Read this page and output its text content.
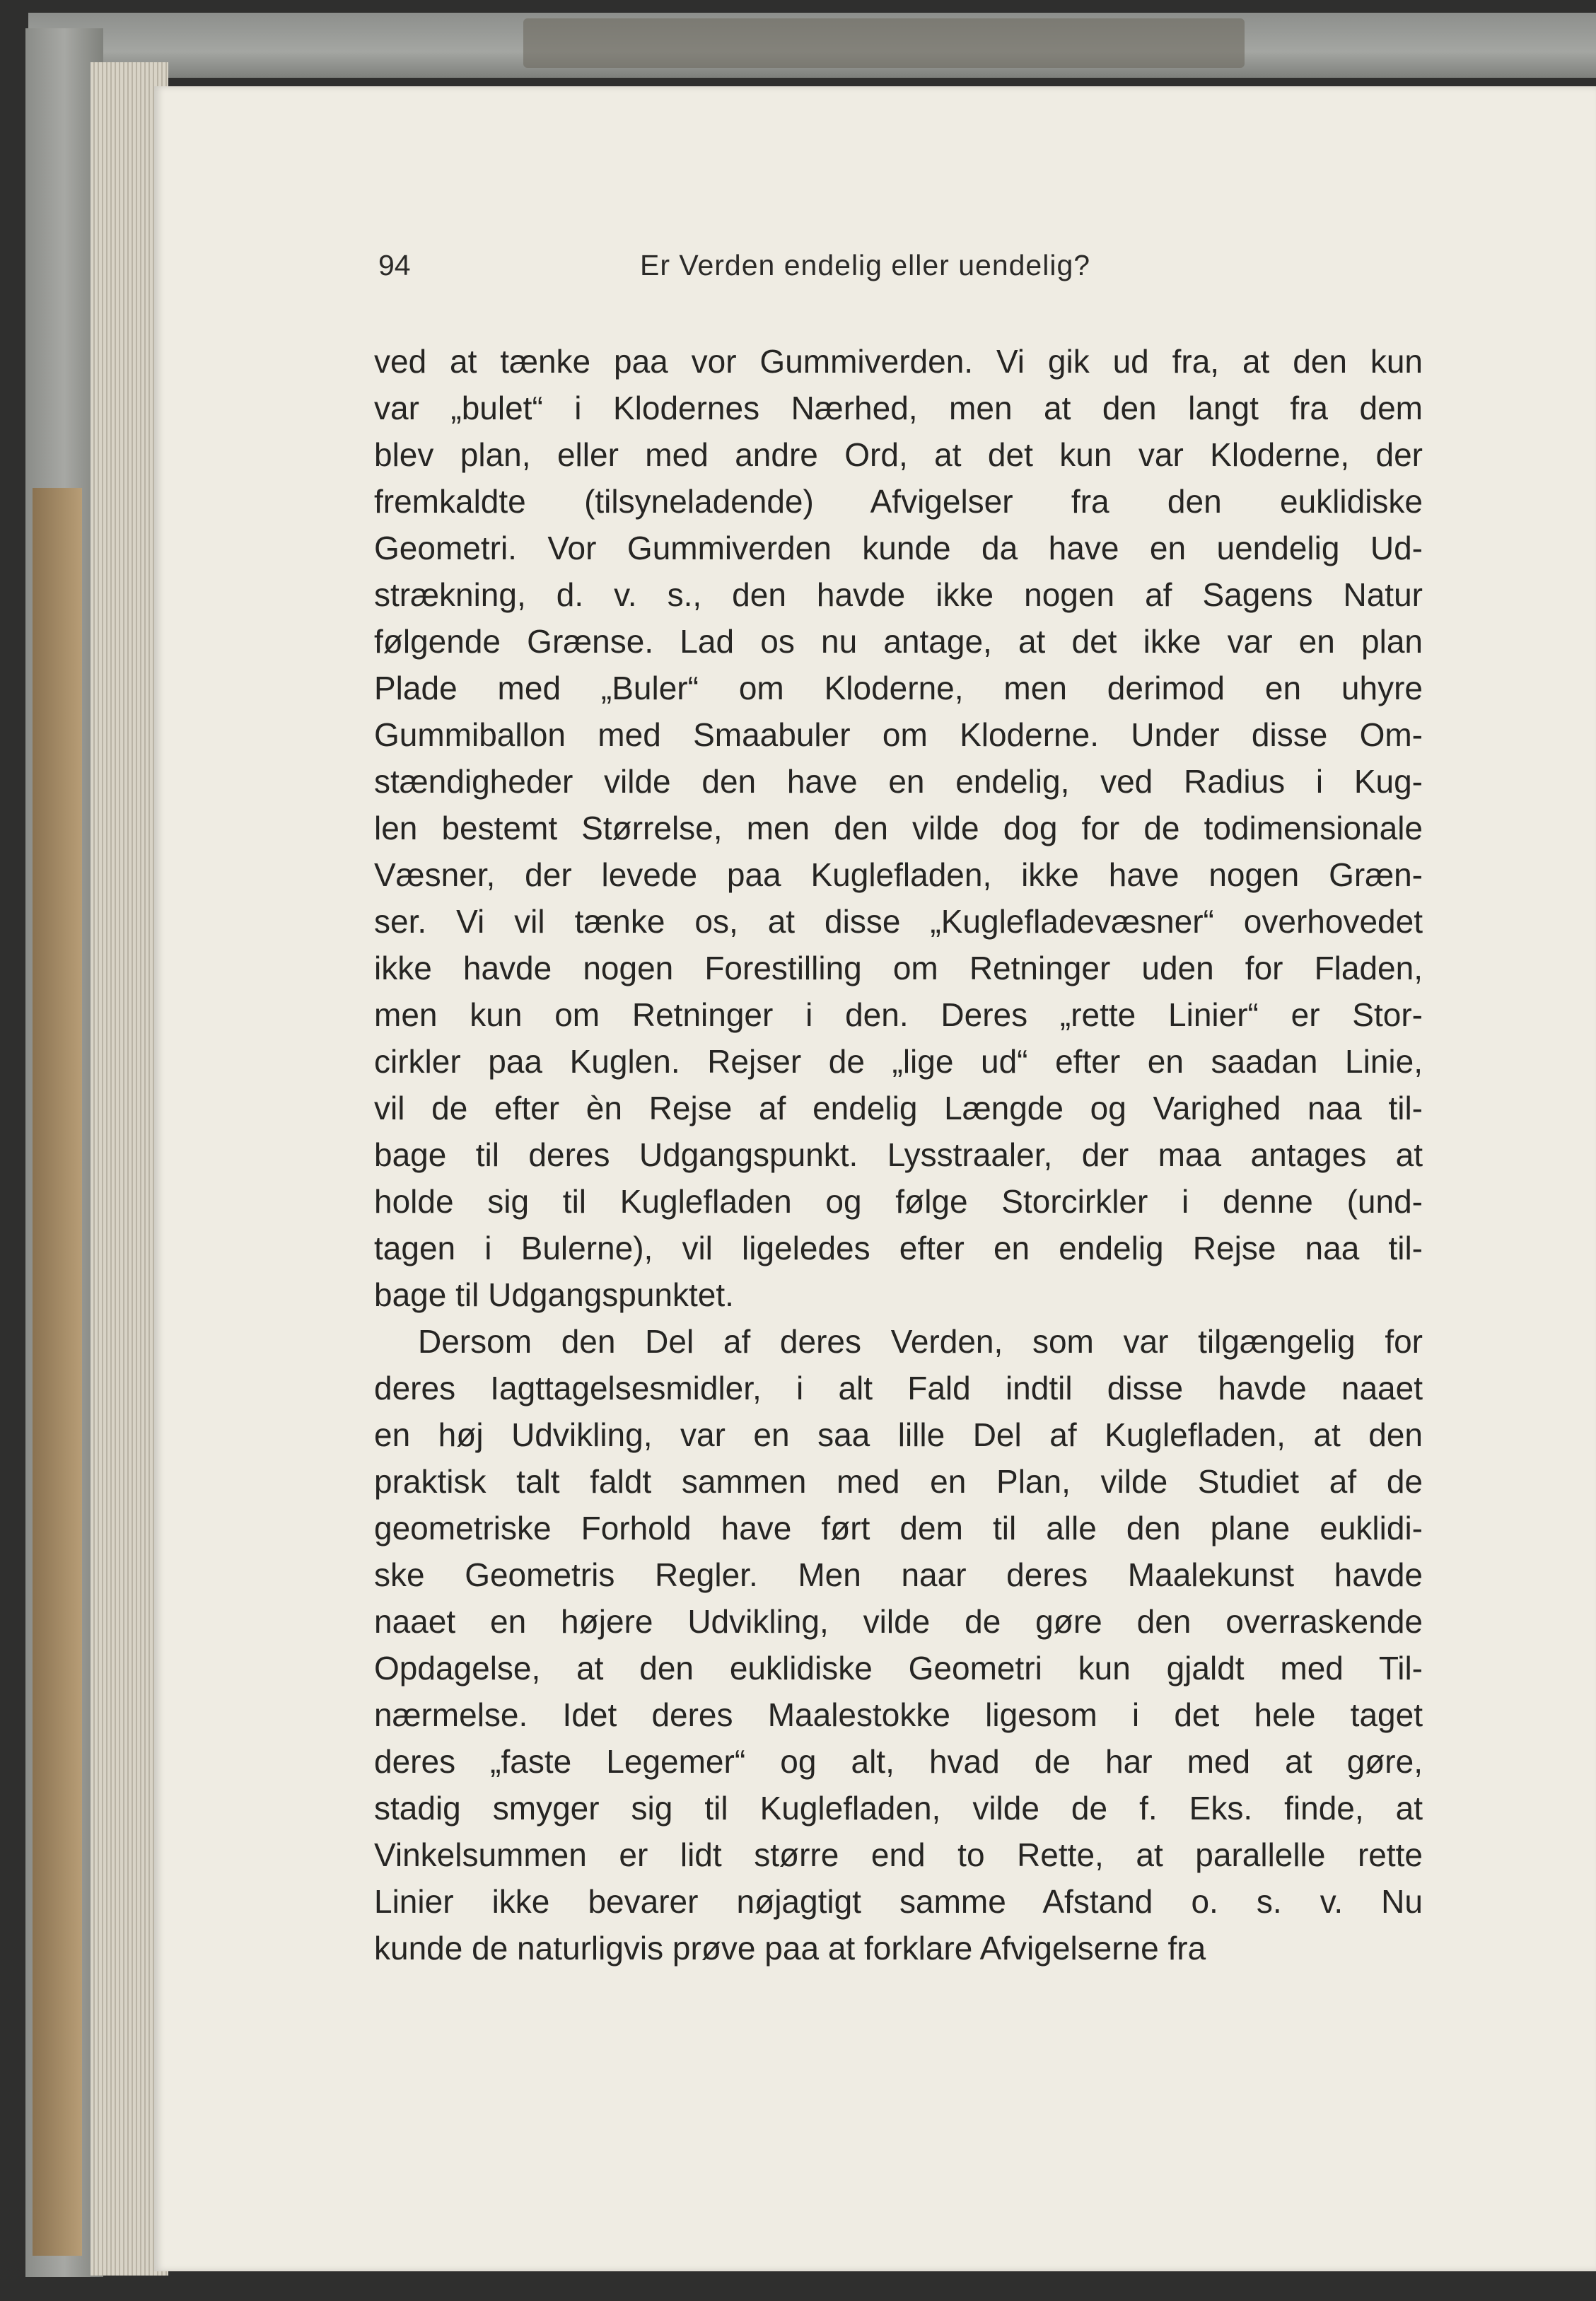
94	Er Verden endelig eller uendelig?
ved at tænke paa vor Gummiverden. Vi gik ud fra, at den kun
var „bulet“ i Klodernes Nærhed, men at den langt fra dem
blev plan, eller med andre Ord, at det kun var Kloderne, der
fremkaldte (tilsyneladende) Afvigelser fra den euklidiske
Geometri. Vor Gummiverden kunde da have en uendelig Ud-
strækning, d. v. s., den havde ikke nogen af Sagens Natur
følgende Grænse. Lad os nu antage, at det ikke var en plan
Plade med „Buler“ om Kloderne, men derimod en uhyre
Gummiballon med Smaabuler om Kloderne. Under disse Om-
stændigheder vilde den have en endelig, ved Radius i Kug-
len bestemt Størrelse, men den vilde dog for de todimensionale
Væsner, der levede paa Kuglefladen, ikke have nogen Græn-
ser. Vi vil tænke os, at disse „Kuglefladevæsner“ overhovedet
ikke havde nogen Forestilling om Retninger uden for Fladen,
men kun om Retninger i den. Deres „rette Linier“ er Stor-
cirkler paa Kuglen. Rejser de „lige ud“ efter en saadan Linie,
vil de efter èn Rejse af endelig Længde og Varighed naa til-
bage til deres Udgangspunkt. Lysstraaler, der maa antages at
holde sig til Kuglefladen og følge Storcirkler i denne (und-
tagen i Bulerne), vil ligeledes efter en endelig Rejse naa til-
bage til Udgangspunktet.
Dersom den Del af deres Verden, som var tilgængelig for
deres Iagttagelsesmidler, i alt Fald indtil disse havde naaet
en høj Udvikling, var en saa lille Del af Kuglefladen, at den
praktisk talt faldt sammen med en Plan, vilde Studiet af de
geometriske Forhold have ført dem til alle den plane euklidi-
ske Geometris Regler. Men naar deres Maalekunst havde
naaet en højere Udvikling, vilde de gøre den overraskende
Opdagelse, at den euklidiske Geometri kun gjaldt med Til-
nærmelse. Idet deres Maalestokke ligesom i det hele taget
deres „faste Legemer“ og alt, hvad de har med at gøre,
stadig smyger sig til Kuglefladen, vilde de f. Eks. finde, at
Vinkelsummen er lidt større end to Rette, at parallelle rette
Linier ikke bevarer nøjagtigt samme Afstand o. s. v. Nu
kunde de naturligvis prøve paa at forklare Afvigelserne fra
